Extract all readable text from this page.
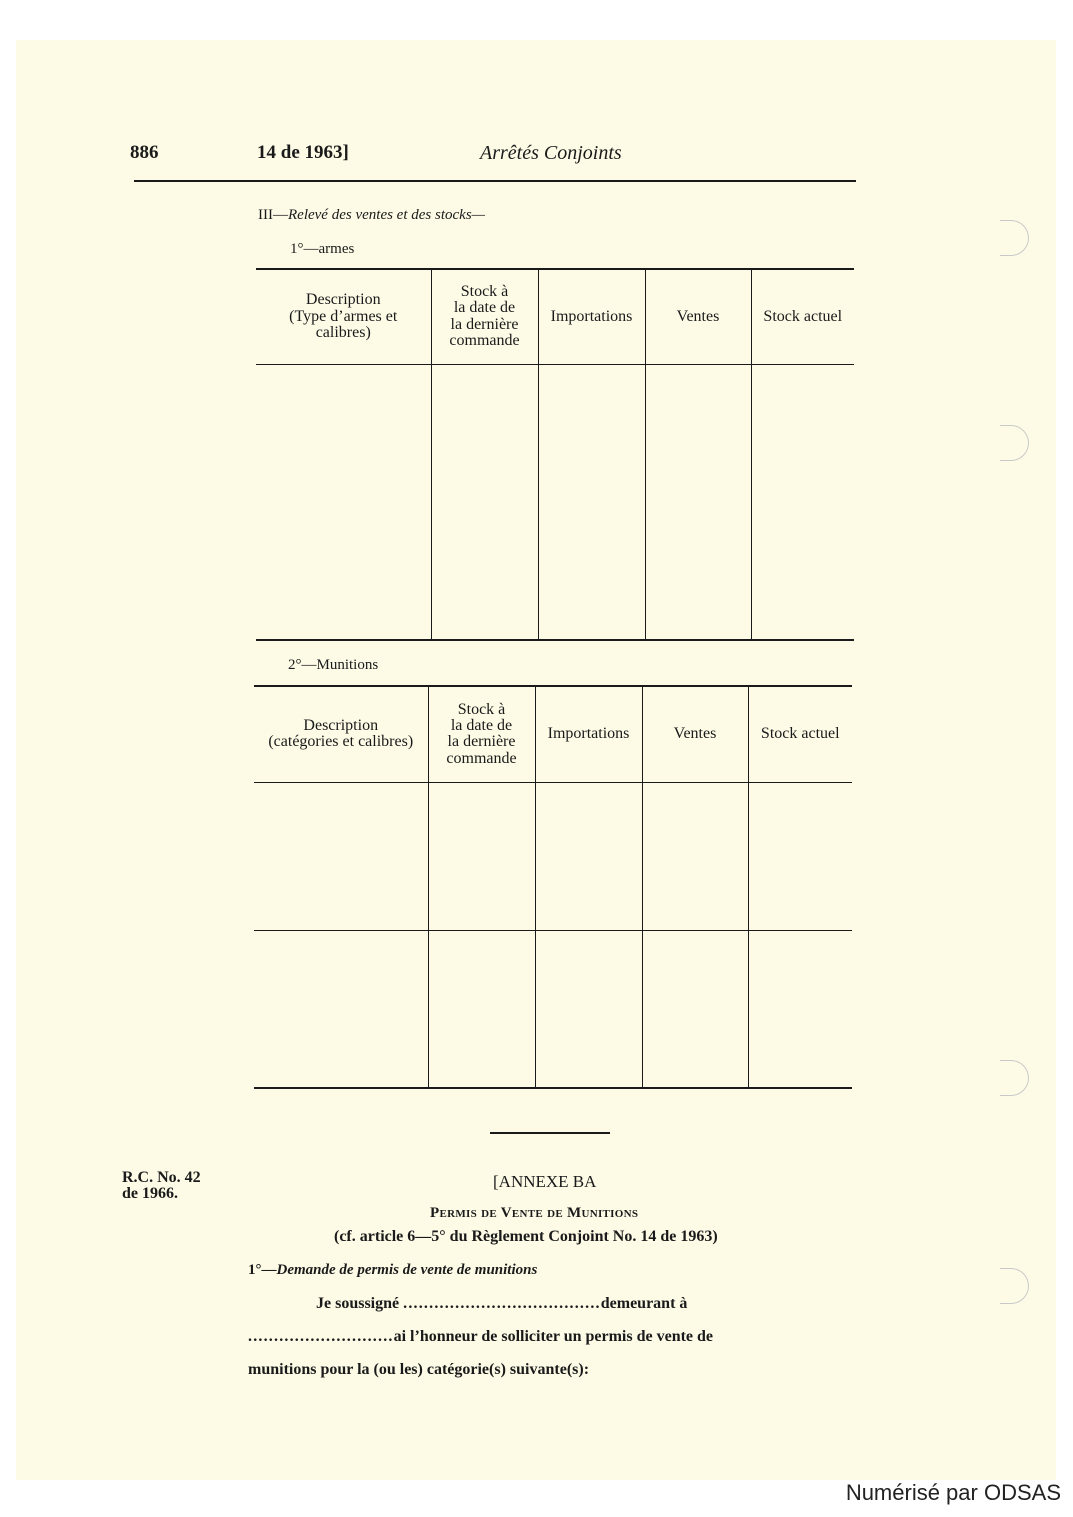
886	14 de 1963]	Arrêtés Conjoints
III—Relevé des ventes et des stocks—
1°—armes
Description
(Type d’armes et
calibres)	Stock à
la date de
la dernière
commande	Importations	Ventes	Stock actuel

2°—Munitions
Description
(catégories et calibres)	Stock à
la date de
la dernière
commande	Importations	Ventes	Stock actuel

R.C. No. 42
de 1966.
[ANNEXE BA
Permis de Vente de Munitions
(cf. article 6—5° du Règlement Conjoint No. 14 de 1963)
1°—Demande de permis de vente de munitions
Je soussigné ......................................demeurant à
............................ai l’honneur de solliciter un permis de vente de
munitions pour la (ou les) catégorie(s) suivante(s):
Numérisé par ODSAS
